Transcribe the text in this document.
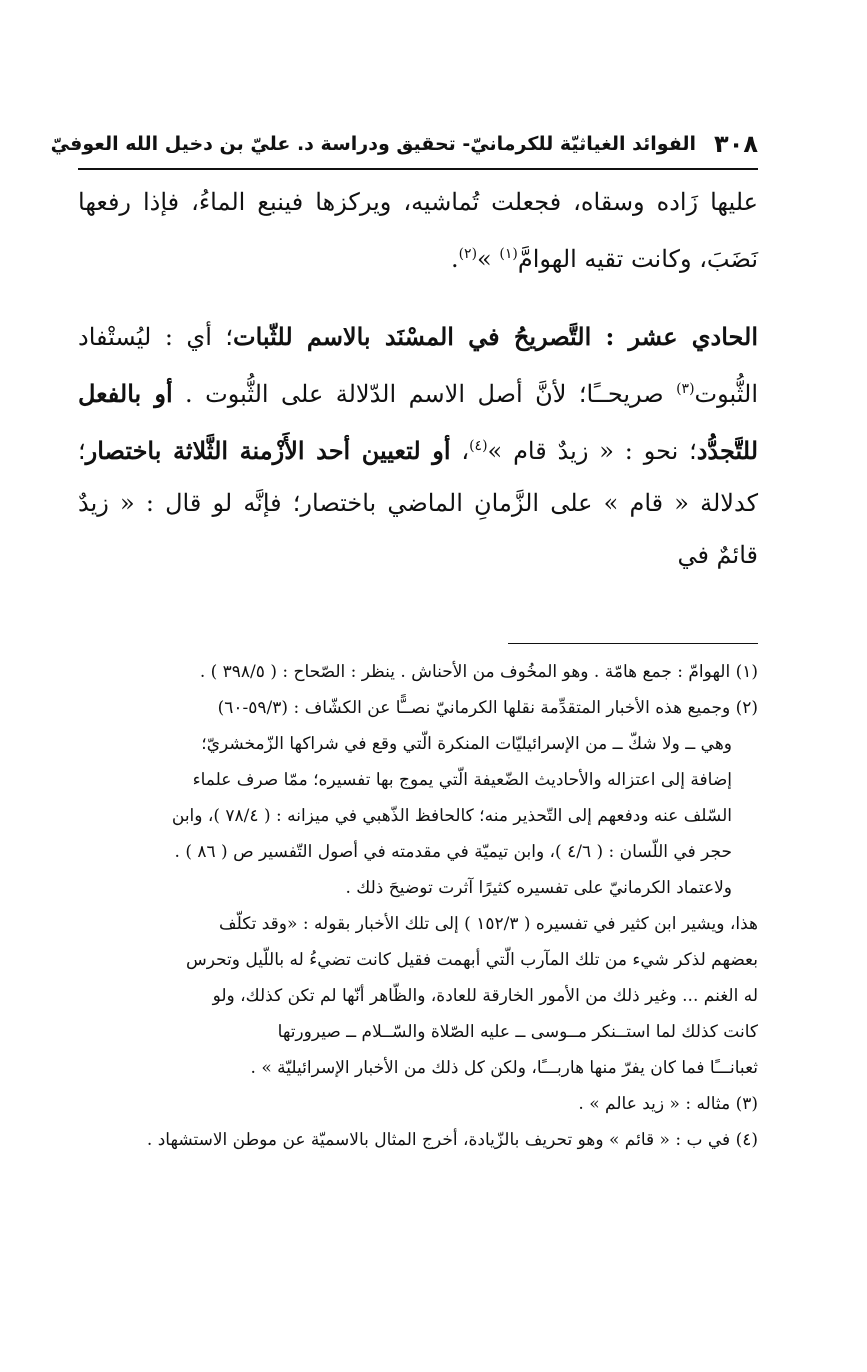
٣٠٨
الفوائد الغياثيّة للكرمانيّ- تحقيق ودراسة د. عليّ بن دخيل الله العوفيّ

عليها زَاده وسقاه، فجعلت تُماشيه، ويركزها فينبع الماءُ، فإذا رفعها نَضَبَ، وكانت تقيه الهوامَّ$^{(١)}$ »$^{(٢)}$.

الحادي عشر : التَّصريحُ في المسْنَد بالاسم للثّبات؛ أي : ليُستْفاد الثُّبوت$^{(٣)}$ صريحــًا؛ لأنَّ أصل الاسم الدّلالة على الثُّبوت . أو بالفعل للتَّجدُّد؛ نحو : « زيدٌ قام »$^{(٤)}$، أو لتعيين أحد الأَزْمنة الثَّلاثة باختصار؛ كدلالة « قام » على الزَّمانِ الماضي باختصار؛ فإنَّه لو قال : « زيدٌ قائمٌ في

(١) الهوامّ : جمع هامّة . وهو المخُوف من الأحناش . ينظر : الصّحاح : ( ٣٩٨/٥ ) .

(٢) وجميع هذه الأخبار المتقدِّمة نقلها الكرمانيّ نصــًّا عن الكشّاف : (٥٩/٣-٦٠)

وهي ــ ولا شكّ ــ من الإسرائيليّات المنكرة الّتي وقع في شراكها الزّمخشريّ؛

إضافة إلى اعتزاله والأحاديث الضّعيفة الّتي يموج بها تفسيره؛ ممّا صرف علماء

السّلف عنه ودفعهم إلى التّحذير منه؛ كالحافظ الذّهبي في ميزانه : ( ٧٨/٤ )، وابن

حجر في اللّسان : ( ٤/٦ )، وابن تيميّة في مقدمته في أصول التّفسير ص ( ٨٦ ) .

ولاعتماد الكرمانيّ على تفسيره كثيرًا آثرت توضيحَ ذلك .

هذا، ويشير ابن كثير في تفسيره ( ١٥٢/٣ ) إلى تلك الأخبار بقوله : «وقد تكلّف

بعضهم لذكر شيء من تلك المآرب الّتي أبهمت فقيل كانت تضيءُ له باللّيل وتحرس

له الغنم ... وغير ذلك من الأمور الخارقة للعادة، والظّاهر أنّها لم تكن كذلك، ولو

كانت كذلك لما استــنكر مــوسى ــ عليه الصّلاة والسّــلام ــ صيرورتها

ثعبانـــًا فما كان يفرّ منها هاربـــًا، ولكن كل ذلك من الأخبار الإسرائيليّة » .

(٣) مثاله : « زيد عالم » .

(٤) في ب : « قائم » وهو تحريف بالزّيادة، أخرج المثال بالاسميّة عن موطن الاستشهاد .
